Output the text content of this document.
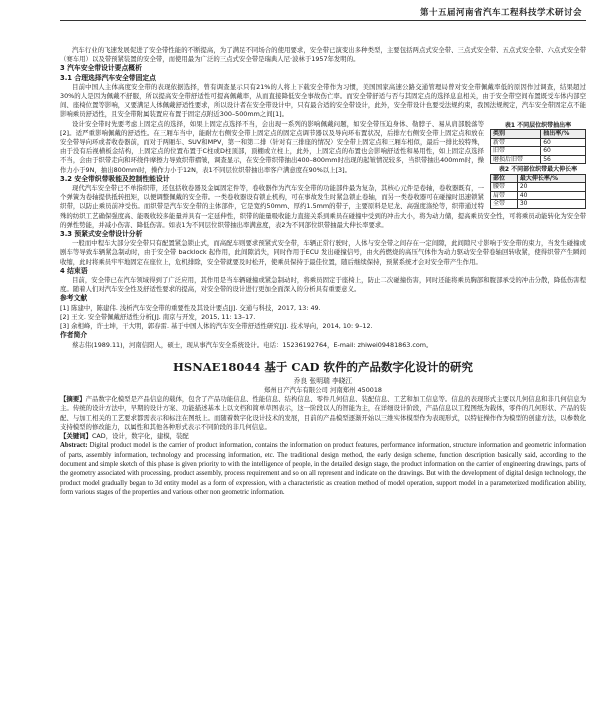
第十五届河南省汽车工程科技学术研讨会

汽车行业的飞速发展促进了安全带性能的不断提高，为了满足不同场合的使用要求，安全带已演变出多种类型，主要包括两点式安全带、三点式安全带、五点式安全带、六点式安全带（赛车用）以及带预紧装置的安全带，而使用最为广泛的三点式安全带是瑞典人尼·波林于1957年发明的。

3 汽车安全带设计要点概析
3.1 合理选择汽车安全带固定点

目前中国人主体高度安全带的表现依据选择，曾有调查显示只有21%的人将上下载安全带作为习惯，美国国家高速公路交通管理局曾对安全带佩戴率低的原因作过调查，结果超过30%的人是因为佩戴不舒服，所以提高安全带舒适性可提高佩戴率，从而直接降低安全事故伤亡率。而安全带舒适与否与其固定点的选择息息相关，由于安全带空间布置既受车体内部空间、座椅位置等影响，又要满足人体佩戴舒适性要求，所以设计者在安全带设计中，只有最合适的安全带设计，此外，安全带设计也要受法规约束，我国法规规定，汽车安全带固定点不能影响乘员舒适性，且安全带附属装置应布置于固定点附近300–500mm之间[1]。

表1 不同层位织带抽出率
类别	抽出率/%
新带	60
旧带	60
磨损后旧带	56
表2 不同部位织带最大伸长率
部位	最大伸长率/%
腰带	20
肩带	40
全带	30

设计安全带时先要考虑上固定点的选择，如果上固定点选择不当，会出现一系列的影响佩戴问题，如安全带压迫身体、勒脖子、易从肩部脱落等[2]。适严重影响佩戴的舒适性。在三厢车当中，能耐左右侧安全带上固定点的固定点调节器以及导向环布置状况，后排左右侧安全带上固定点和放在安全带导向环或者收卷器前，而对于两厢车、SUV和MPV，第一和第二排（针对有三排座的情况）安全带上固定点和三厢车相似，最后一排比较特殊，由于没有后视横板金结构，上固定点的位置布置于C柱或D柱顶部，顶棚或立柱上，此外，上固定点的布置也会影响舒适性和易用性，如上固定点选择不当，会由于织带走向和环绕件摩擦力导致织带褶皱，调查显示，在安全带织带抽出400–800mm时出现的起皱情况较多，当织带抽出400mm时，操作力小于9N，抽出800mm时，操作力小于12N，表1不同层位织带抽出率客户满意度在90%以上[3]。

3.2 安全带织带吸能及控制性能设计

现代汽车安全带已不单指织带，还包括收卷器及金属固定件等，卷收器作为汽车安全带的功能部件最为复杂，其核心元件是卷轴，卷收器既有，一个弹簧为卷轴提供抵转扭矩，以便调整佩戴的安全带。一类卷收器设有锁止机构，可在事故发生时紧急锁止卷轴，而另一类卷收器可在碰撞时迅速锁紧织带，以防止乘员前冲受伤。而织带是汽车安全带的主体部件，它是宽约50mm、厚约1.5mm的带子，主要原料是尼龙、高强度涤纶等，织带通过特殊的纺织工艺确保强度高、能吸收较多能量并具有一定延伸性，织带的能量吸收能力直接关系到乘员在碰撞中受到的冲击大小，将为动力储，提高乘员安全性，可将乘员动能转化为安全带的弹性势能，并减小伤害、降低伤害。如表1为不同层位织带抽出率满意度，表2为不同部位织带抽最大伸长率要求。

3.3 预紧式安全带设计分析

一般而中程车大部分安全带只有配置紧急锁止式，而高配车则要求预紧式安全带，车辆正常行驶时，人体与安全带之间存在一定间隙，此间隙尺寸影响于安全带的束力，当发生碰撞或剧车等导致车辆紧急制动时，由于安全带 backlock 起作用，此间隙消失，同时作用于ECU 发出碰撞信号，由火药燃烧的高压气体作为动力驱动安全带卷轴回转收紧，使得织带产生瞬间收缩，此时将乘员牢牢地固定在座位上，危机排除，安全带就要及时松开，使乘员保持于最佳位置，随后继续保持，预紧系统才会对安全带产生作用。

4 结束语

目前，安全带已在汽车领域得到了广泛应用，其作用是当车辆碰撞或紧急制动时，将乘员固定于座椅上，防止二次碰撞伤害，同时还能将乘员胸部和腹部承受的冲击分散，降低伤害程度。随着人们对汽车安全性及舒适性要求的提高，对安全带的设计进行更加全面深入的分析具有重要意义。

参考文献

[1] 陈建中，陈建伟. 浅析汽车安全带的重要性及其设计要点[J]. 交通与科技，2017, 13: 49.

[2] 王文. 安全带佩戴舒适性分析[J]. 南京与开发，2015, 11: 13–17.

[3] 余相峰，许士坤，干大明，郭春雷. 基于中国人体的汽车安全带舒适性研究[J]. 技术导向，2014, 10: 9–12.

作者简介

蔡志伟(1989.11)，河南信阳人，硕士，现从事汽车安全系统设计。电话：15236192764，E-mail: zhiwei09481863.com。

HSNAE18044 基于 CAD 软件的产品数字化设计的研究

乔良 张明瑞 李晓江

郑州日产汽车有限公司 河南郑州 450018

【摘要】产品数字化模型是产品信息的载体，包含了产品功能信息、性能信息、结构信息、零件几何信息、装配信息、工艺和加工信息等。信息的表现形式主要以几何信息和非几何信息为主。传统的设计方法中，早期的设计方案、功能描述基本上以文档和简单草图表示，这一阶段以人的智能为主，在详细设计阶段，产品信息以工程图纸为载体，零件的几何形状、产品的装配、与加工相关的工艺要求都需表示和标注在图纸上。而随着数字化设计技术的发展，目前的产品模型逐渐开始以三维实体模型作为表现形式，以特征操作作为模型的创建方法，以参数化支持模型的修改能力，以属性和其他各种形式表示不同阶段的非几何信息。

【关键词】CAD，设计，数字化，建模，装配

Abstract: Digital product model is the carrier of product information, contains the information on product features, performance information, structure information and geometric information of parts, assembly information, technology and processing information, etc. The traditional design method, the early design scheme, function description basically said, according to the document and simple sketch of this phase is given priority to with the intelligence of people, in the detailed design stage, the product information on the carrier of engineering drawings, parts of the geometry associated with processing, product assembly, process requirement and so on all represent and indicate on the drawings. But with the development of digital design technology, the product model gradually began to 3d entity model as a form of expression, with a characteristic as creation method of model operation, support model in a parameterized modification ability, form various stages of the properties and various other non geometric information.
